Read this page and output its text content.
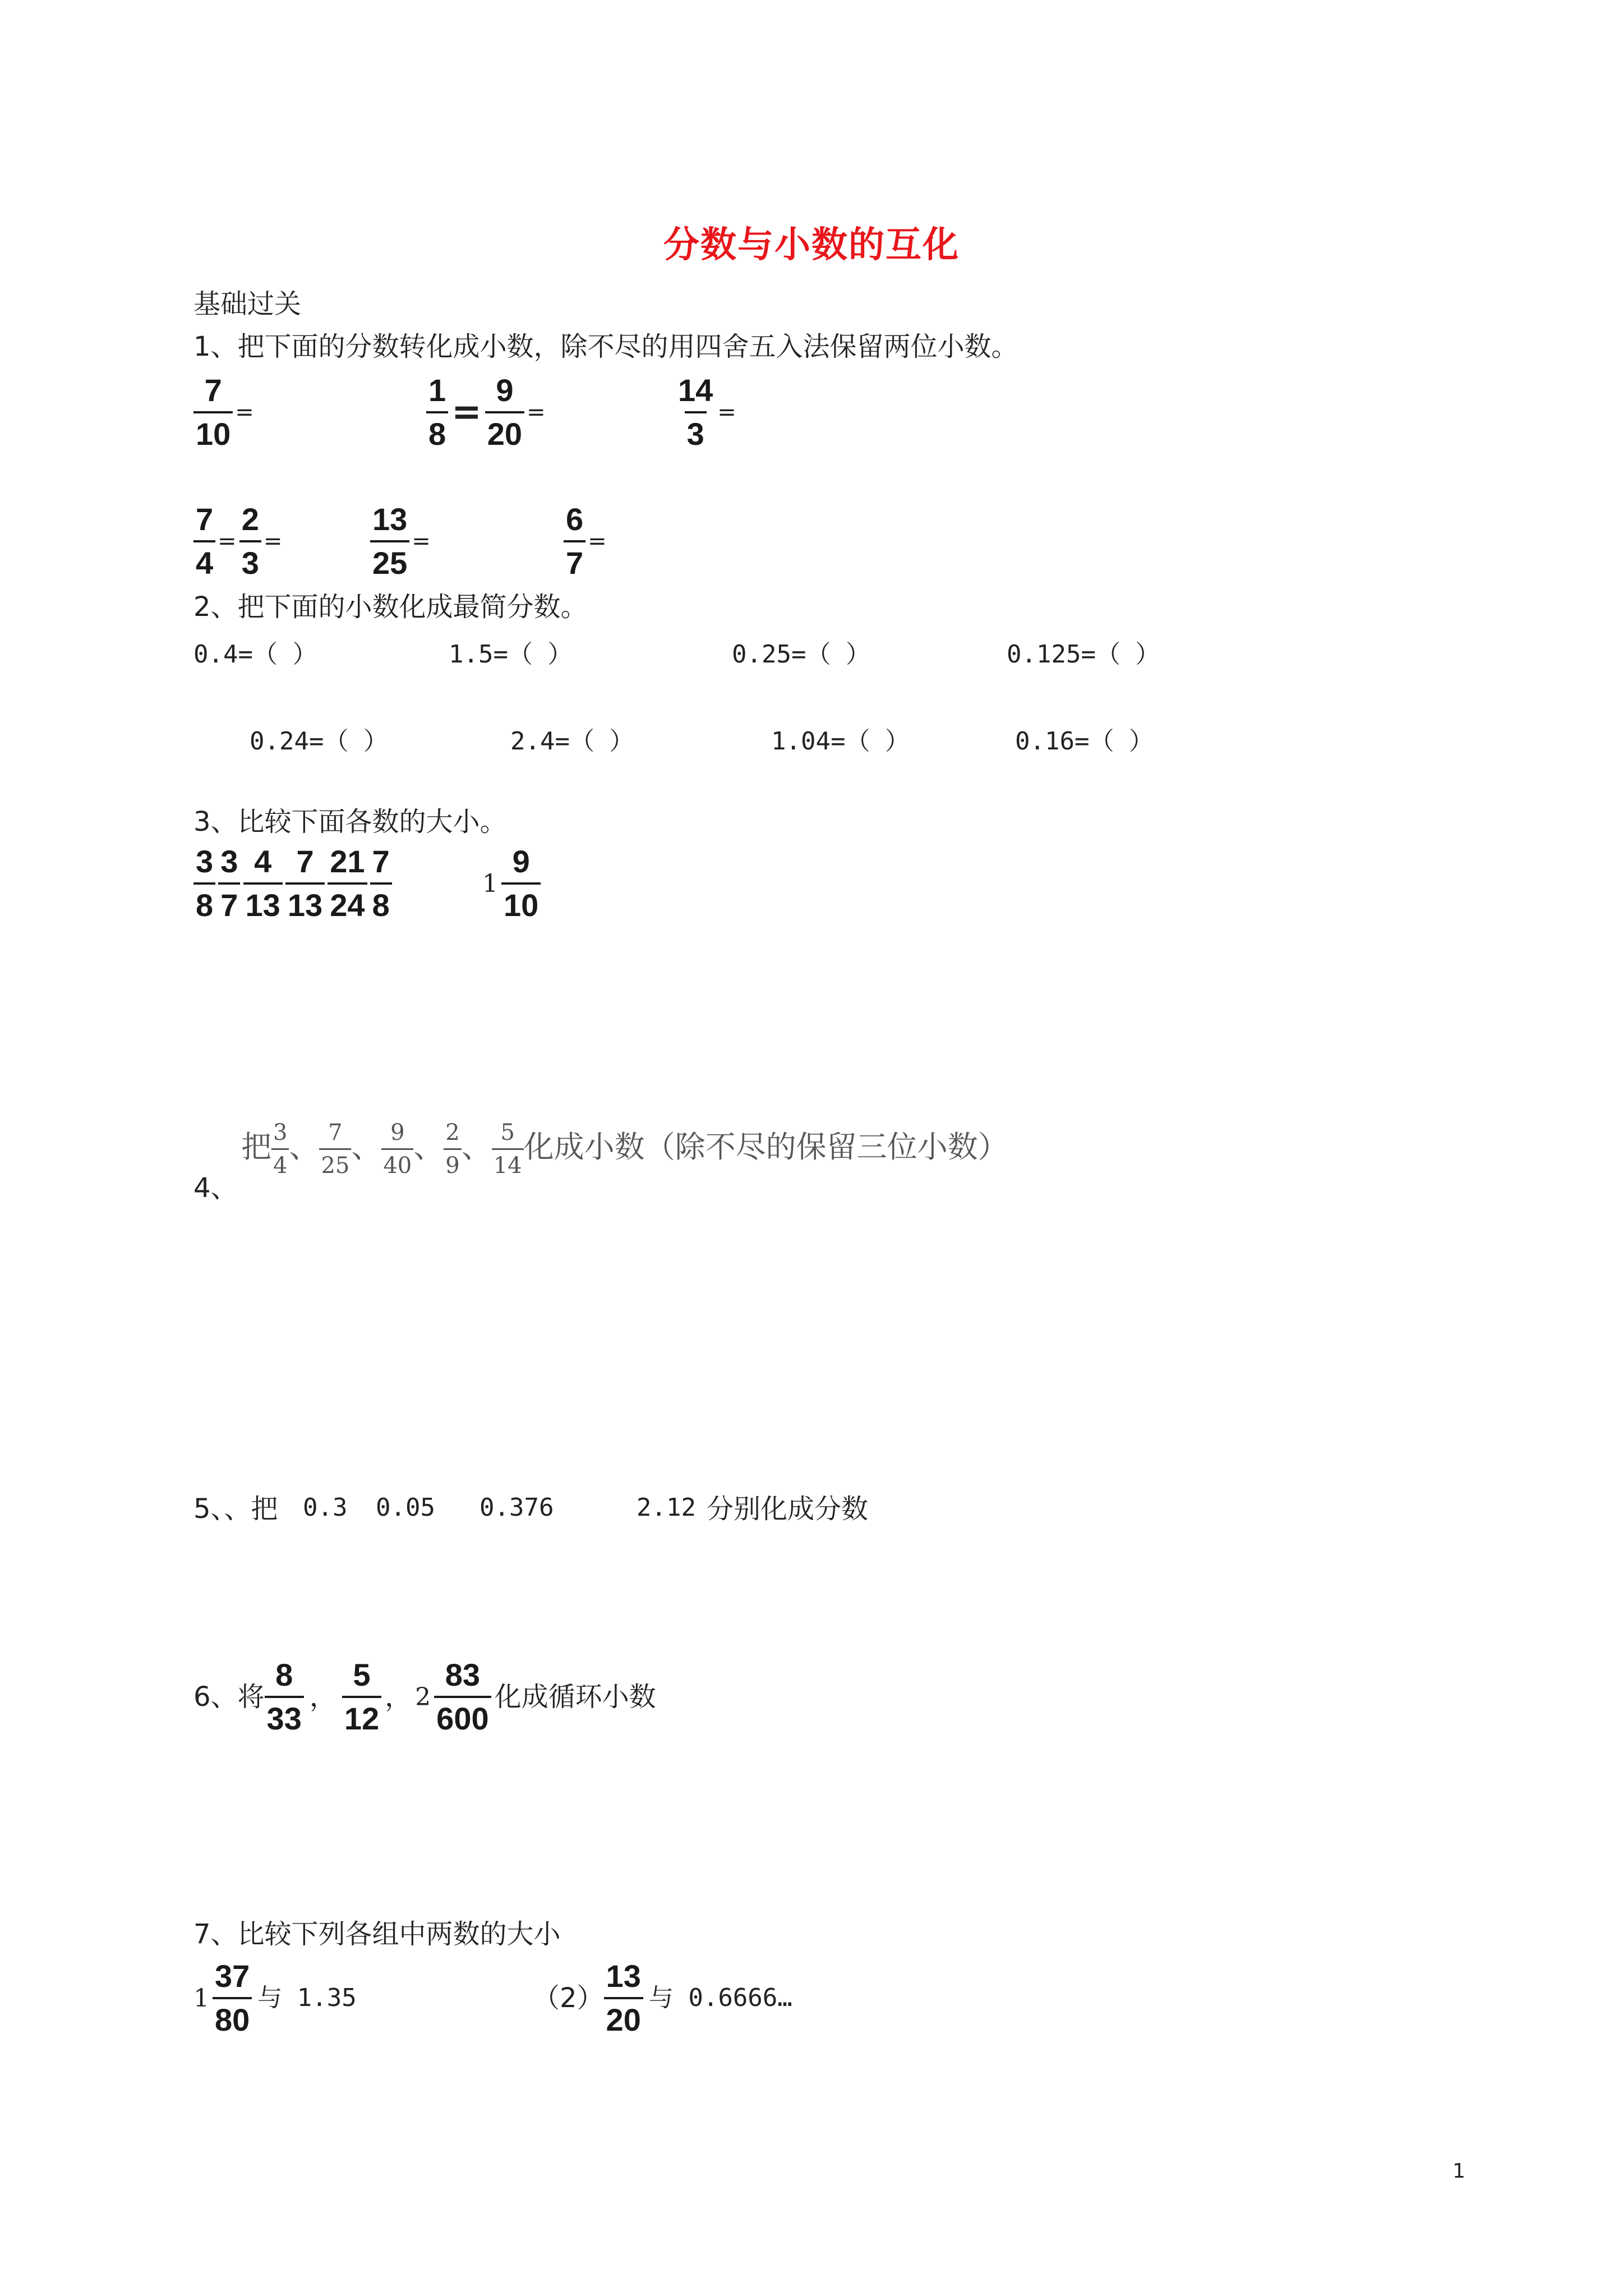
分数与小数的互化
基础过关
1、把下面的分数转化成小数，除不尽的用四舍五入法保留两位小数。
$\frac{7}{10}$ =	$\frac{1}{8} = \frac{9}{20}$ =	$\frac{14}{3}$ =
$\frac{7}{4} = \frac{2}{3}$ =	$\frac{13}{25}$ =	$\frac{6}{7}$ =
2、把下面的小数化成最简分数。
0.4=（ ）	1.5=（ ）	0.25=（ ）	0.125=（ ）
0.24=（ ）	2.4=（ ）	1.04=（ ）	0.16=（ ）
3、比较下面各数的大小。
$\frac{3}{8}$
$\frac{3}{7}$
$\frac{4}{13}$
$\frac{7}{13}$
$\frac{21}{24}$
$\frac{7}{8}$	$1 \frac{9}{10}$
4、
把 $\frac{3}{4}$ 、 $\frac{7}{25}$ 、 $\frac{9}{40}$ 、 $\frac{2}{9}$ 、 $\frac{5}{14}$ 化成小数（除不尽的保留三位小数）
5、、把 0.3 0.05 0.376	2.12 分别化成分数
6、将 $\frac{8}{33}$ ， $\frac{5}{12}$ ， $2 \frac{83}{600}$ 化成循环小数
7、比较下列各组中两数的大小
$1 \frac{37}{80}$ 与 1.35	$(2) \frac{13}{20}$ 与 0.6666…
1
